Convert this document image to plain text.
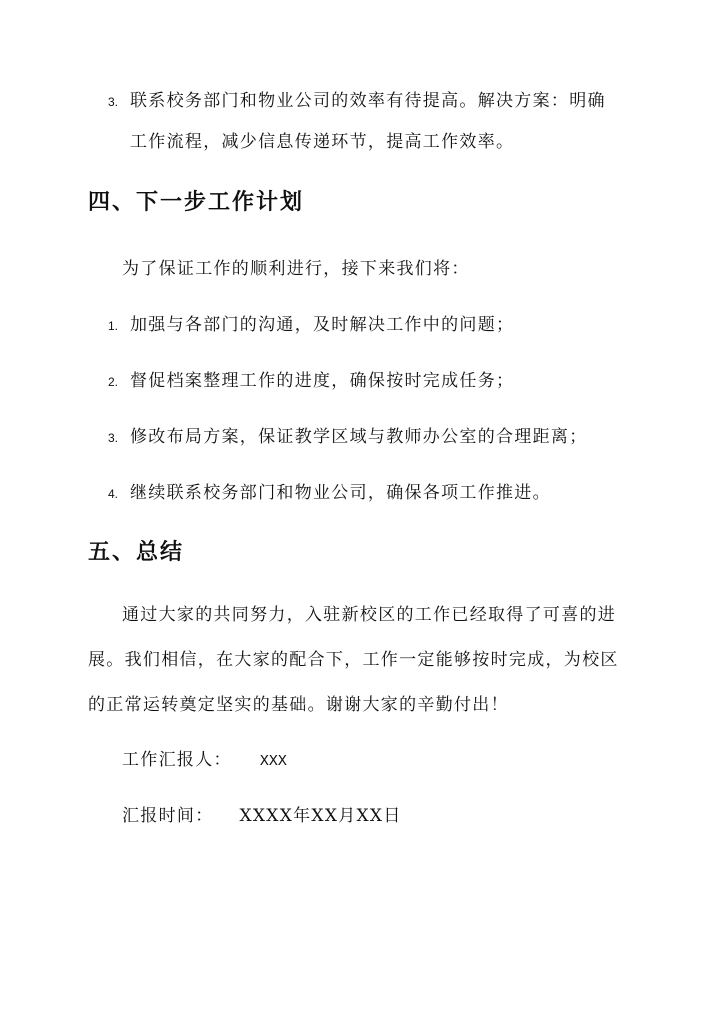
3. 联系校务部门和物业公司的效率有待提高。解决方案：明确
工作流程，减少信息传递环节，提高工作效率。
四、下一步工作计划
为了保证工作的顺利进行，接下来我们将：
1. 加强与各部门的沟通，及时解决工作中的问题；
2. 督促档案整理工作的进度，确保按时完成任务；
3. 修改布局方案，保证教学区域与教师办公室的合理距离；
4. 继续联系校务部门和物业公司，确保各项工作推进。
五、总结
通过大家的共同努力，入驻新校区的工作已经取得了可喜的进
展。我们相信，在大家的配合下，工作一定能够按时完成，为校区
的正常运转奠定坚实的基础。谢谢大家的辛勤付出！
工作汇报人： XXX
汇报时间： XXXX年XX月XX日
